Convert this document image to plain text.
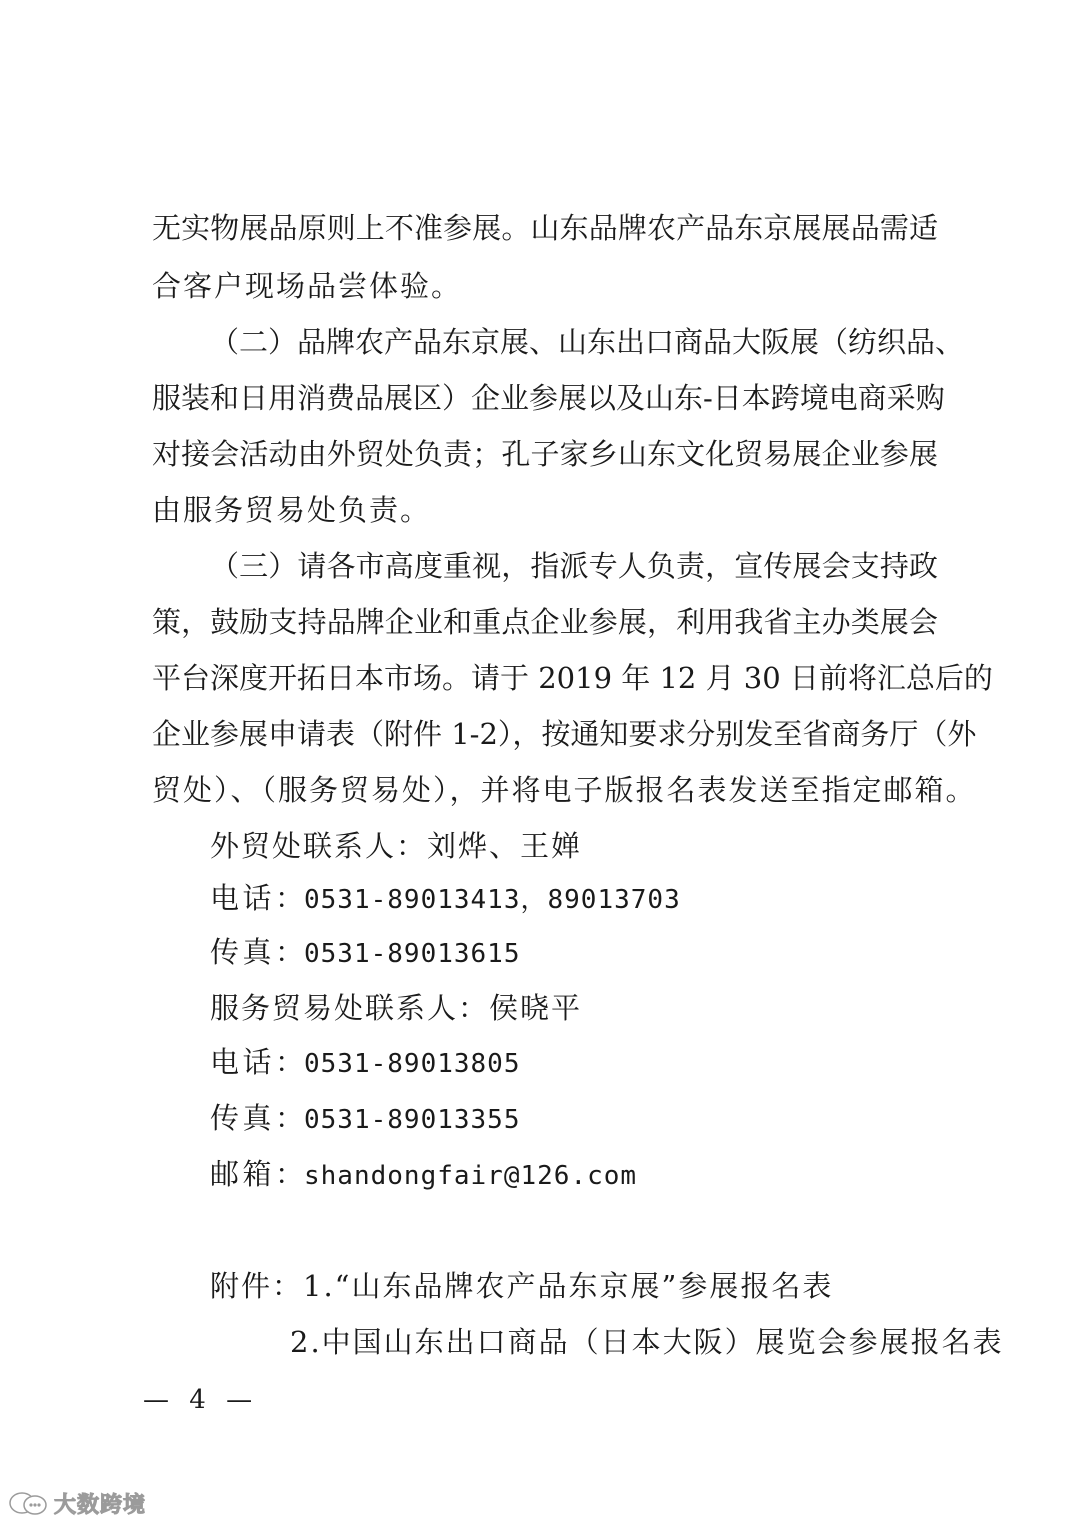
无实物展品原则上不准参展。山东品牌农产品东京展展品需适
合客户现场品尝体验。
（二）品牌农产品东京展、山东出口商品大阪展（纺织品、
服装和日用消费品展区）企业参展以及山东-日本跨境电商采购
对接会活动由外贸处负责；孔子家乡山东文化贸易展企业参展
由服务贸易处负责。
（三）请各市高度重视，指派专人负责，宣传展会支持政
策，鼓励支持品牌企业和重点企业参展，利用我省主办类展会
平台深度开拓日本市场。请于 2019 年 12 月 30 日前将汇总后的
企业参展申请表（附件 1-2），按通知要求分别发至省商务厅（外
贸处）、（服务贸易处），并将电子版报名表发送至指定邮箱。
外贸处联系人：刘烨、王婵
电话：0531-89013413，89013703
传真：0531-89013615
服务贸易处联系人：侯晓平
电话：0531-89013805
传真：0531-89013355
邮箱：shandongfair@126.com
附件：1.“山东品牌农产品东京展”参展报名表
2.中国山东出口商品（日本大阪）展览会参展报名表
— 4 —
大数跨境
